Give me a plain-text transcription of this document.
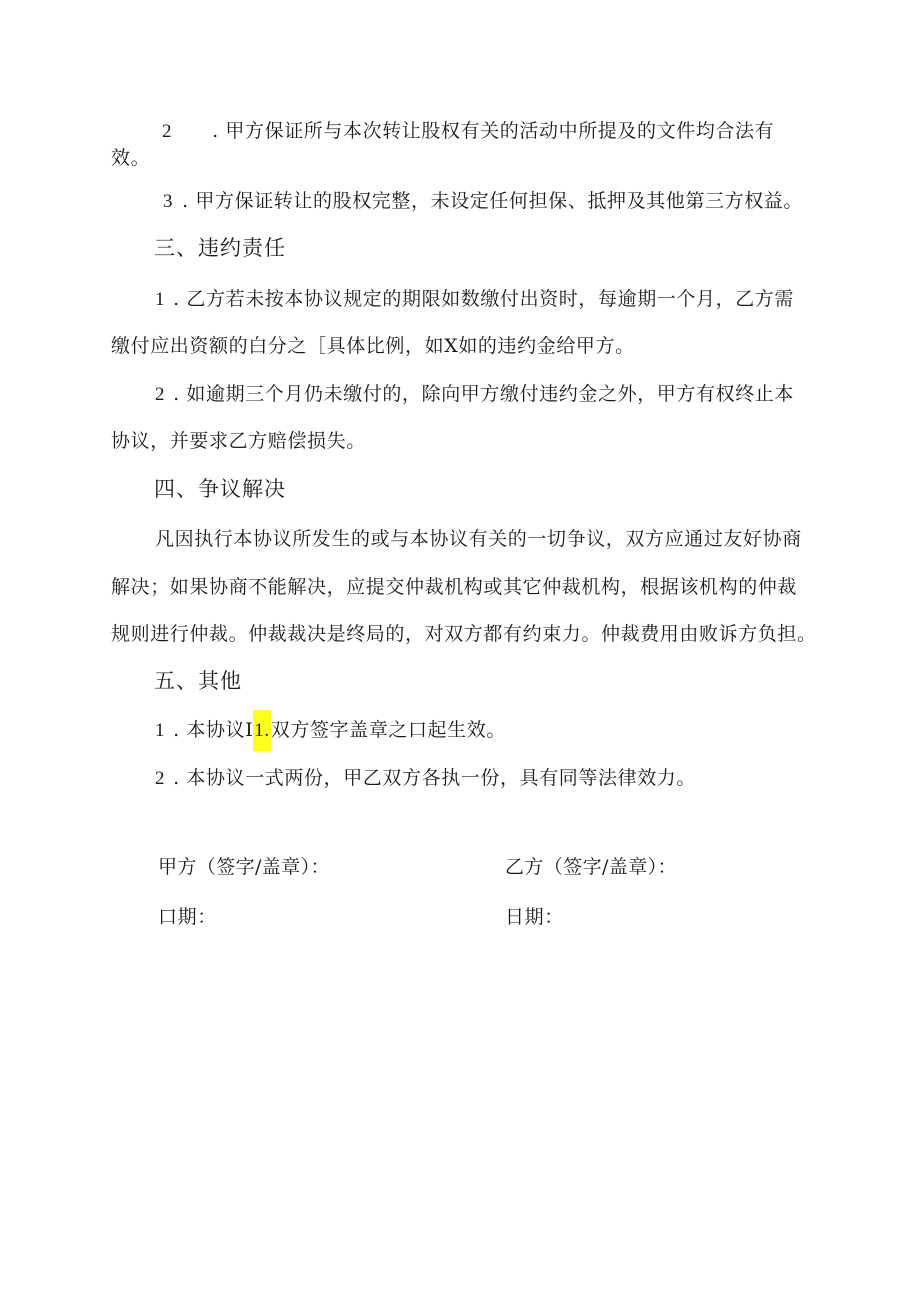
2 . 甲方保证所与本次转让股权有关的活动中所提及的文件均合法有
效。
3 . 甲方保证转让的股权完整，未设定任何担保、抵押及其他第三方权益。
三、违约责任
1 . 乙方若未按本协议规定的期限如数缴付出资时，每逾期一个月，乙方需
缴付应出资额的白分之［具体比例，如X如的违约金给甲方。
2 . 如逾期三个月仍未缴付的，除向甲方缴付违约金之外，甲方有权终止本
协议，并要求乙方赔偿损失。
四、争议解决
凡因执行本协议所发生的或与本协议有关的一切争议，双方应通过友好协商
解决；如果协商不能解决，应提交仲裁机构或其它仲裁机构，根据该机构的仲裁
规则进行仲裁。仲裁裁决是终局的，对双方都有约束力。仲裁费用由败诉方负担。
五、其他
1 . 本协议I1.双方签字盖章之口起生效。
2 . 本协议一式两份，甲乙双方各执一份，具有同等法律效力。
甲方（签字/盖章）：	乙方（签字/盖章）：
口期：	日期：
